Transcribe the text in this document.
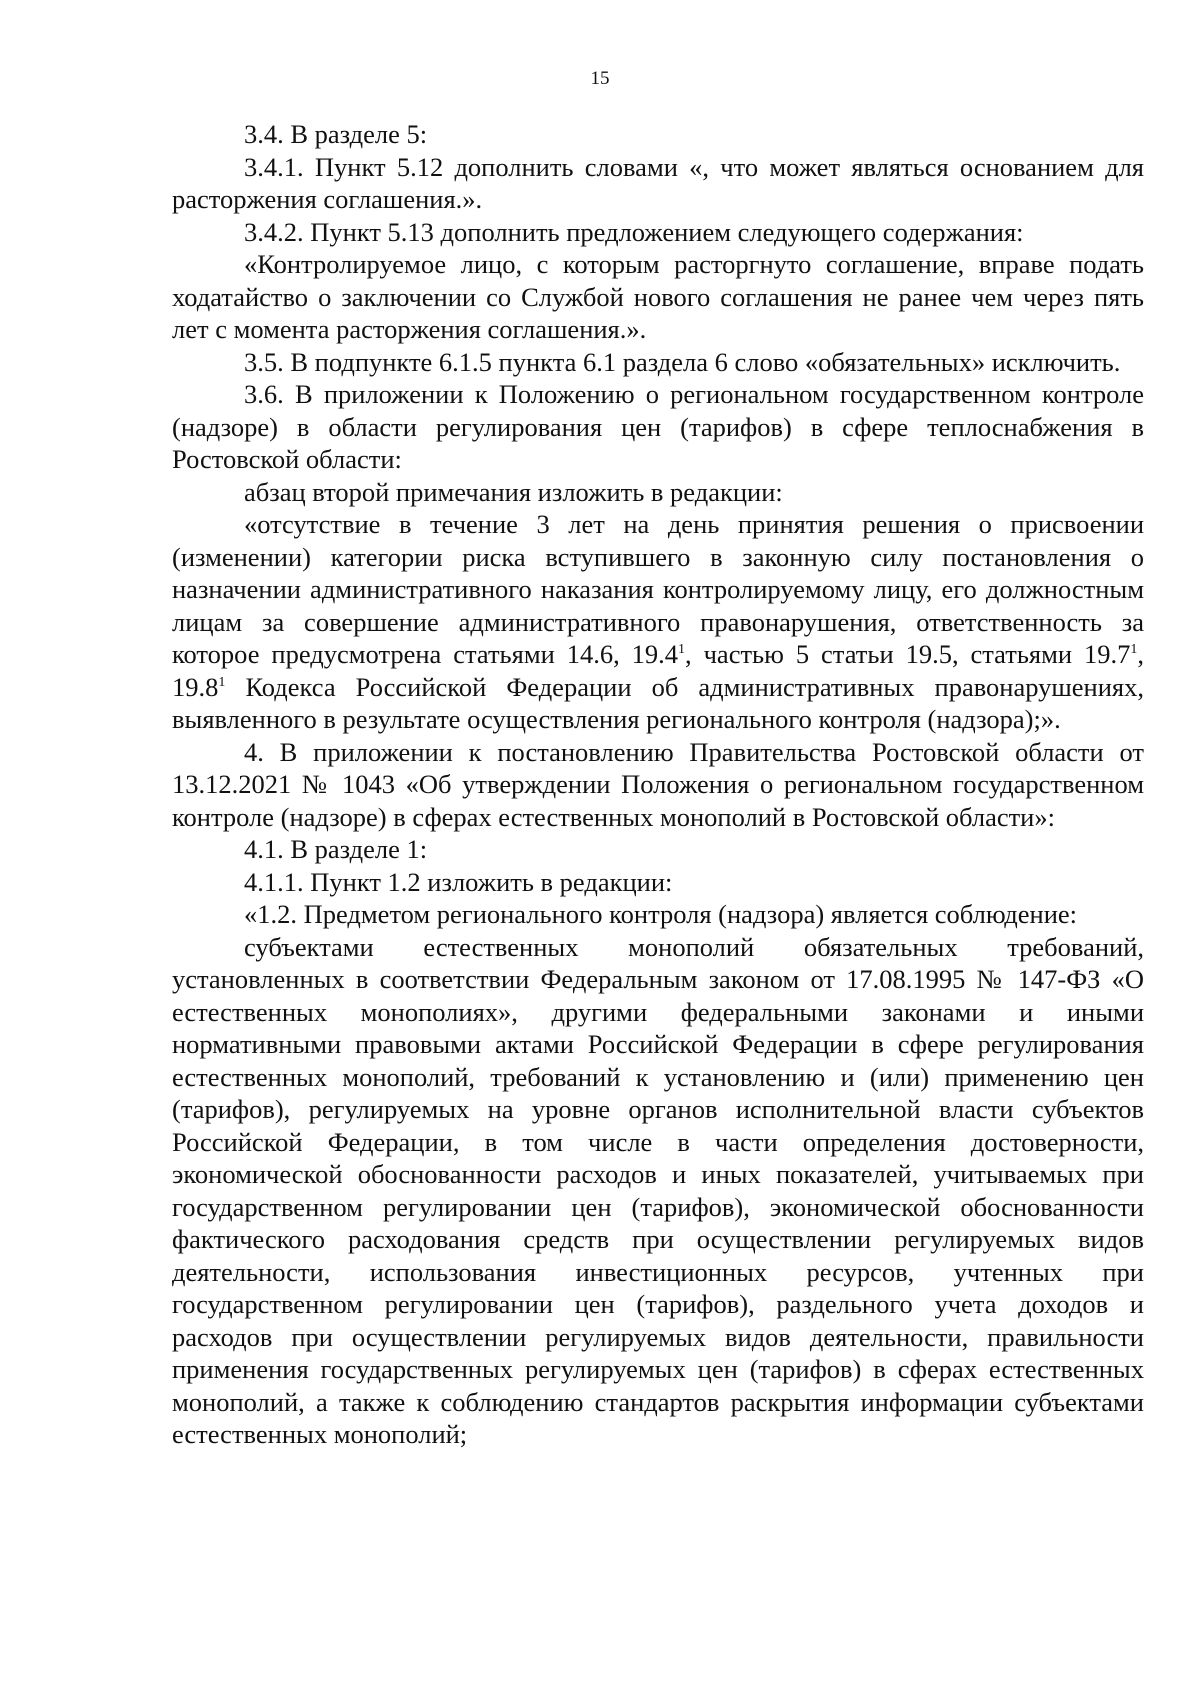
15

3.4. В разделе 5:

3.4.1. Пункт 5.12 дополнить словами «, что может являться основанием для расторжения соглашения.».

3.4.2. Пункт 5.13 дополнить предложением следующего содержания:

«Контролируемое лицо, с которым расторгнуто соглашение, вправе подать ходатайство о заключении со Службой нового соглашения не ранее чем через пять лет с момента расторжения соглашения.».

3.5. В подпункте 6.1.5 пункта 6.1 раздела 6 слово «обязательных» исключить.

3.6. В приложении к Положению о региональном государственном контроле (надзоре) в области регулирования цен (тарифов) в сфере теплоснабжения в Ростовской области:

абзац второй примечания изложить в редакции:

«отсутствие в течение 3 лет на день принятия решения о присвоении (изменении) категории риска вступившего в законную силу постановления о назначении административного наказания контролируемому лицу, его должностным лицам за совершение административного правонарушения, ответственность за которое предусмотрена статьями 14.6, 19.4$^1$, частью 5 статьи 19.5, статьями 19.7$^1$, 19.8$^1$ Кодекса Российской Федерации об административных правонарушениях, выявленного в результате осуществления регионального контроля (надзора);».

4. В приложении к постановлению Правительства Ростовской области от 13.12.2021 № 1043 «Об утверждении Положения о региональном государственном контроле (надзоре) в сферах естественных монополий в Ростовской области»:

4.1. В разделе 1:

4.1.1. Пункт 1.2 изложить в редакции:

«1.2. Предметом регионального контроля (надзора) является соблюдение:

субъектами естественных монополий обязательных требований, установленных в соответствии Федеральным законом от 17.08.1995 № 147-ФЗ «О естественных монополиях», другими федеральными законами и иными нормативными правовыми актами Российской Федерации в сфере регулирования естественных монополий, требований к установлению и (или) применению цен (тарифов), регулируемых на уровне органов исполнительной власти субъектов Российской Федерации, в том числе в части определения достоверности, экономической обоснованности расходов и иных показателей, учитываемых при государственном регулировании цен (тарифов), экономической обоснованности фактического расходования средств при осуществлении регулируемых видов деятельности, использования инвестиционных ресурсов, учтенных при государственном регулировании цен (тарифов), раздельного учета доходов и расходов при осуществлении регулируемых видов деятельности, правильности применения государственных регулируемых цен (тарифов) в сферах естественных монополий, а также к соблюдению стандартов раскрытия информации субъектами естественных монополий;
